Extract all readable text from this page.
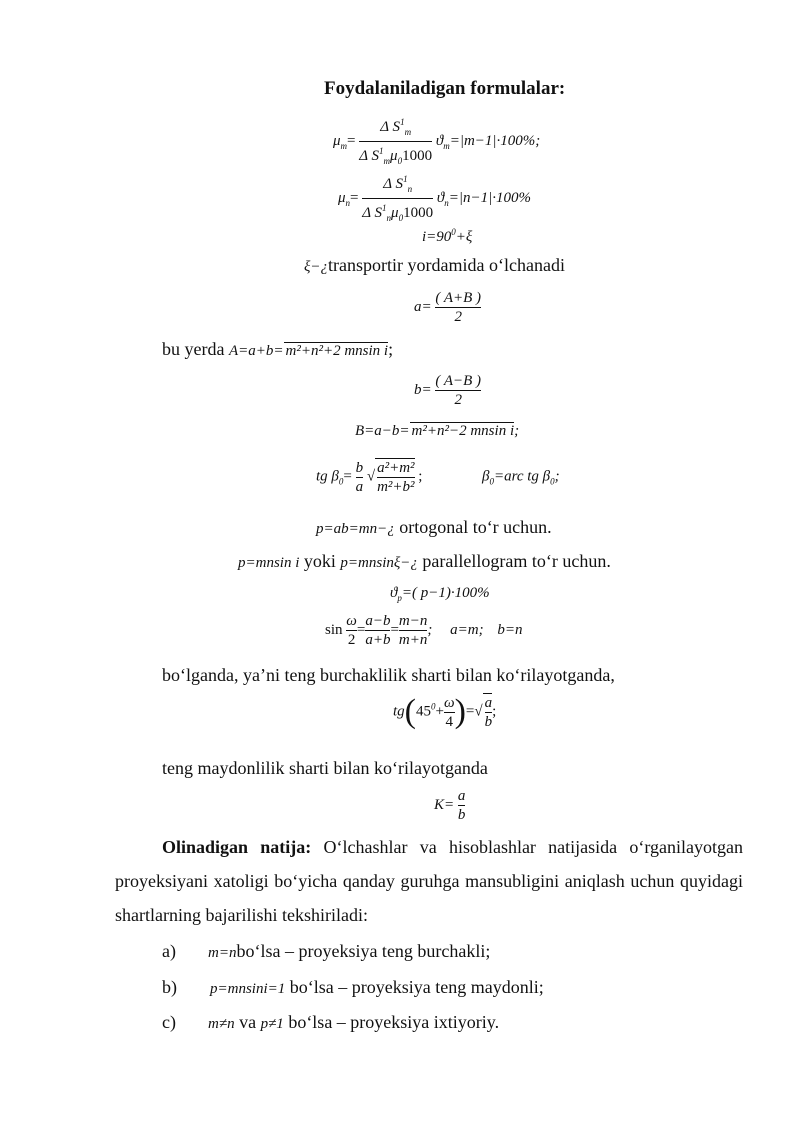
Foydalaniladigan formulalar:
$\mu_m= \frac{\Delta S^1_m}{\Delta S^1_m\mu_01000} ϑ_m=|m-1|\cdot 100\%$;
$\mu_n= \frac{\Delta S^1_n}{\Delta S^1_n\mu_01000} ϑ_n=|n-1|\cdot 100\%$
$i=90^0+\xi$
ξ−¿transportir yordamida o‘lchanadi
$a= \frac{( A+B )}{2}$
bu yerda A=a+b= m²+n²+2 mnsin i;
$b= \frac{( A-B )}{2}$
B=a−b= m²+n²−2 mnsin i;
tg $\beta_0= \frac{b}{a}$ √ $\frac{\text{a²+m²}}{\text{m²+b²}}$ ;	$\beta_0=arc$ tg $\beta_0$;
p=ab=mn−¿ ortogonal to‘r uchun.
p=mnsin i yoki p=mnsinξ−¿ parallellogram to‘r uchun.
$ϑ_p=$( p−1)·100%
$\sin \frac{\omega}{2} = \frac{a-b}{a+b} = \frac{m-n}{m+n}$ ; a=m; b=n
bo‘lganda, ya’ni teng burchaklilik sharti bilan ko‘rilayotganda,
$tg(45^0+ \frac{\omega}{4}$ )=√ $\frac{a}{b}$ ;
teng maydonlilik sharti bilan ko‘rilayotganda
$K= \frac{a}{b}$
Olinadigan natija: O‘lchashlar va hisoblashlar natijasida o‘rganilayotgan proyeksiyani xatoligi bo‘yicha qanday guruhga mansubligini aniqlash uchun quyidagi shartlarning bajarilishi tekshiriladi:
a) m=nbo‘lsa – proyeksiya teng burchakli;
b) p=mnsini=1 bo‘lsa – proyeksiya teng maydonli;
c) m≠n va p≠1 bo‘lsa – proyeksiya ixtiyoriy.
